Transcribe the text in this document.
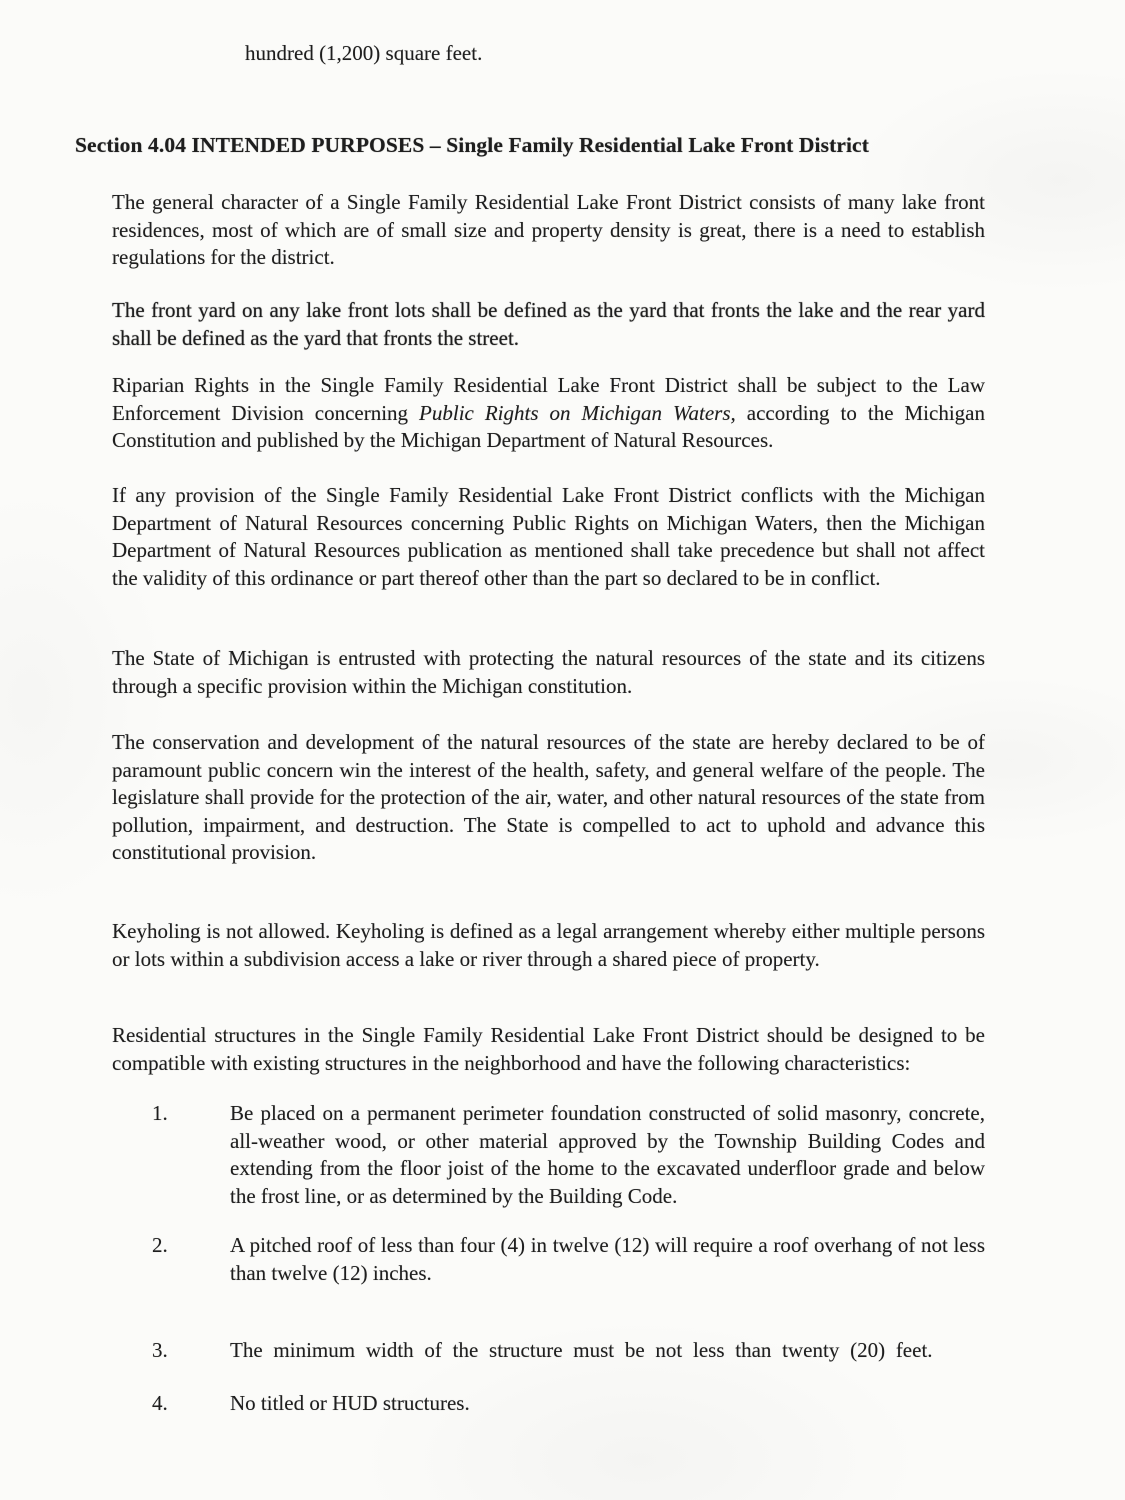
hundred (1,200) square feet.
Section 4.04 INTENDED PURPOSES – Single Family Residential Lake Front District

The general character of a Single Family Residential Lake Front District consists of many lake front residences, most of which are of small size and property density is great, there is a need to establish regulations for the district.

The front yard on any lake front lots shall be defined as the yard that fronts the lake and the rear yard shall be defined as the yard that fronts the street.

Riparian Rights in the Single Family Residential Lake Front District shall be subject to the Law Enforcement Division concerning Public Rights on Michigan Waters, according to the Michigan Constitution and published by the Michigan Department of Natural Resources.

If any provision of the Single Family Residential Lake Front District conflicts with the Michigan Department of Natural Resources concerning Public Rights on Michigan Waters, then the Michigan Department of Natural Resources publication as mentioned shall take precedence but shall not affect the validity of this ordinance or part thereof other than the part so declared to be in conflict.

The State of Michigan is entrusted with protecting the natural resources of the state and its citizens through a specific provision within the Michigan constitution.

The conservation and development of the natural resources of the state are hereby declared to be of paramount public concern win the interest of the health, safety, and general welfare of the people. The legislature shall provide for the protection of the air, water, and other natural resources of the state from pollution, impairment, and destruction. The State is compelled to act to uphold and advance this constitutional provision.

Keyholing is not allowed. Keyholing is defined as a legal arrangement whereby either multiple persons or lots within a subdivision access a lake or river through a shared piece of property.

Residential structures in the Single Family Residential Lake Front District should be designed to be compatible with existing structures in the neighborhood and have the following characteristics:

1.	Be placed on a permanent perimeter foundation constructed of solid masonry, concrete, all-weather wood, or other material approved by the Township Building Codes and extending from the floor joist of the home to the excavated underfloor grade and below the frost line, or as determined by the Building Code.
2.	A pitched roof of less than four (4) in twelve (12) will require a roof overhang of not less than twelve (12) inches.
3.	The minimum width of the structure must be not less than twenty (20) feet.
4.	No titled or HUD structures.
